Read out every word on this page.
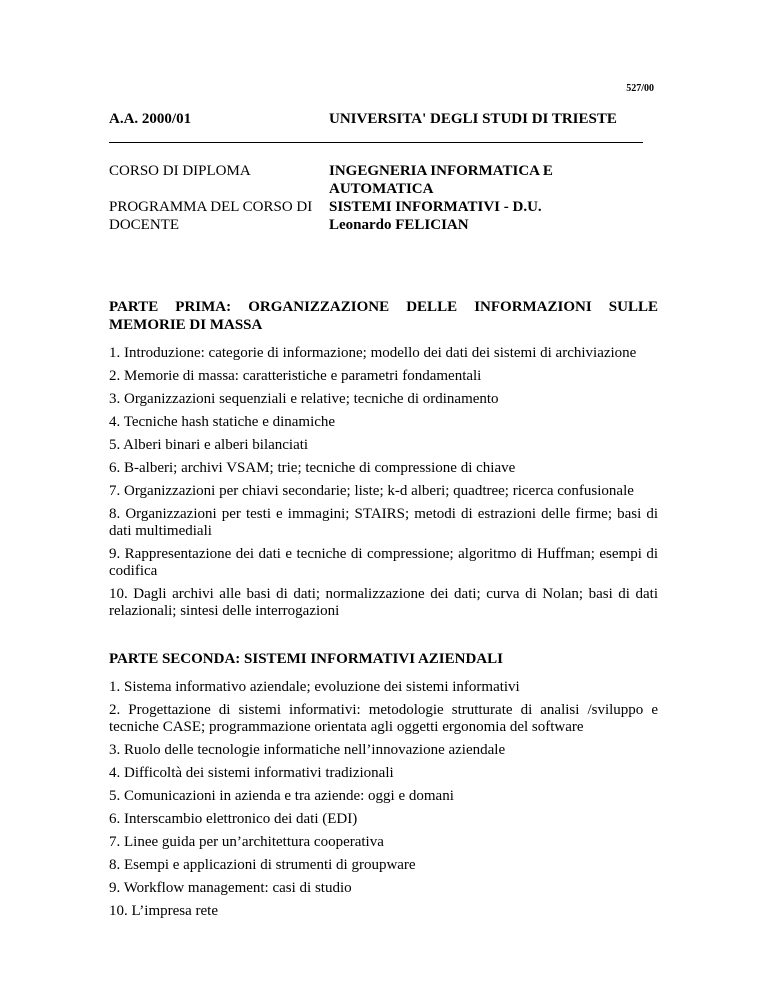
527/00
A.A. 2000/01	UNIVERSITA' DEGLI STUDI DI TRIESTE
CORSO DI DIPLOMA
PROGRAMMA DEL CORSO DI DOCENTE
INGEGNERIA INFORMATICA E AUTOMATICA
SISTEMI INFORMATIVI - D.U.
Leonardo FELICIAN
PARTE PRIMA: ORGANIZZAZIONE DELLE INFORMAZIONI SULLE
MEMORIE DI MASSA
1. Introduzione: categorie di informazione; modello dei dati dei sistemi di archiviazione
2. Memorie di massa: caratteristiche e parametri fondamentali
3. Organizzazioni sequenziali e relative; tecniche di ordinamento
4. Tecniche hash statiche e dinamiche
5. Alberi binari e alberi bilanciati
6. B-alberi; archivi VSAM; trie; tecniche di compressione di chiave
7. Organizzazioni per chiavi secondarie; liste; k-d alberi; quadtree; ricerca confusionale
8. Organizzazioni per testi e immagini; STAIRS; metodi di estrazioni delle firme; basi di dati multimediali
9. Rappresentazione dei dati e tecniche di compressione; algoritmo di Huffman; esempi di codifica
10. Dagli archivi alle basi di dati; normalizzazione dei dati; curva di Nolan; basi di dati relazionali; sintesi delle interrogazioni
PARTE SECONDA: SISTEMI INFORMATIVI AZIENDALI
1. Sistema informativo aziendale; evoluzione dei sistemi informativi
2. Progettazione di sistemi informativi: metodologie strutturate di analisi /sviluppo e tecniche CASE; programmazione orientata agli oggetti ergonomia del software
3. Ruolo delle tecnologie informatiche nell’innovazione aziendale
4. Difficoltà dei sistemi informativi tradizionali
5. Comunicazioni in azienda e tra aziende: oggi e domani
6. Interscambio elettronico dei dati (EDI)
7. Linee guida per un’architettura cooperativa
8. Esempi e applicazioni di strumenti di groupware
9. Workflow management: casi di studio
10. L’impresa rete
